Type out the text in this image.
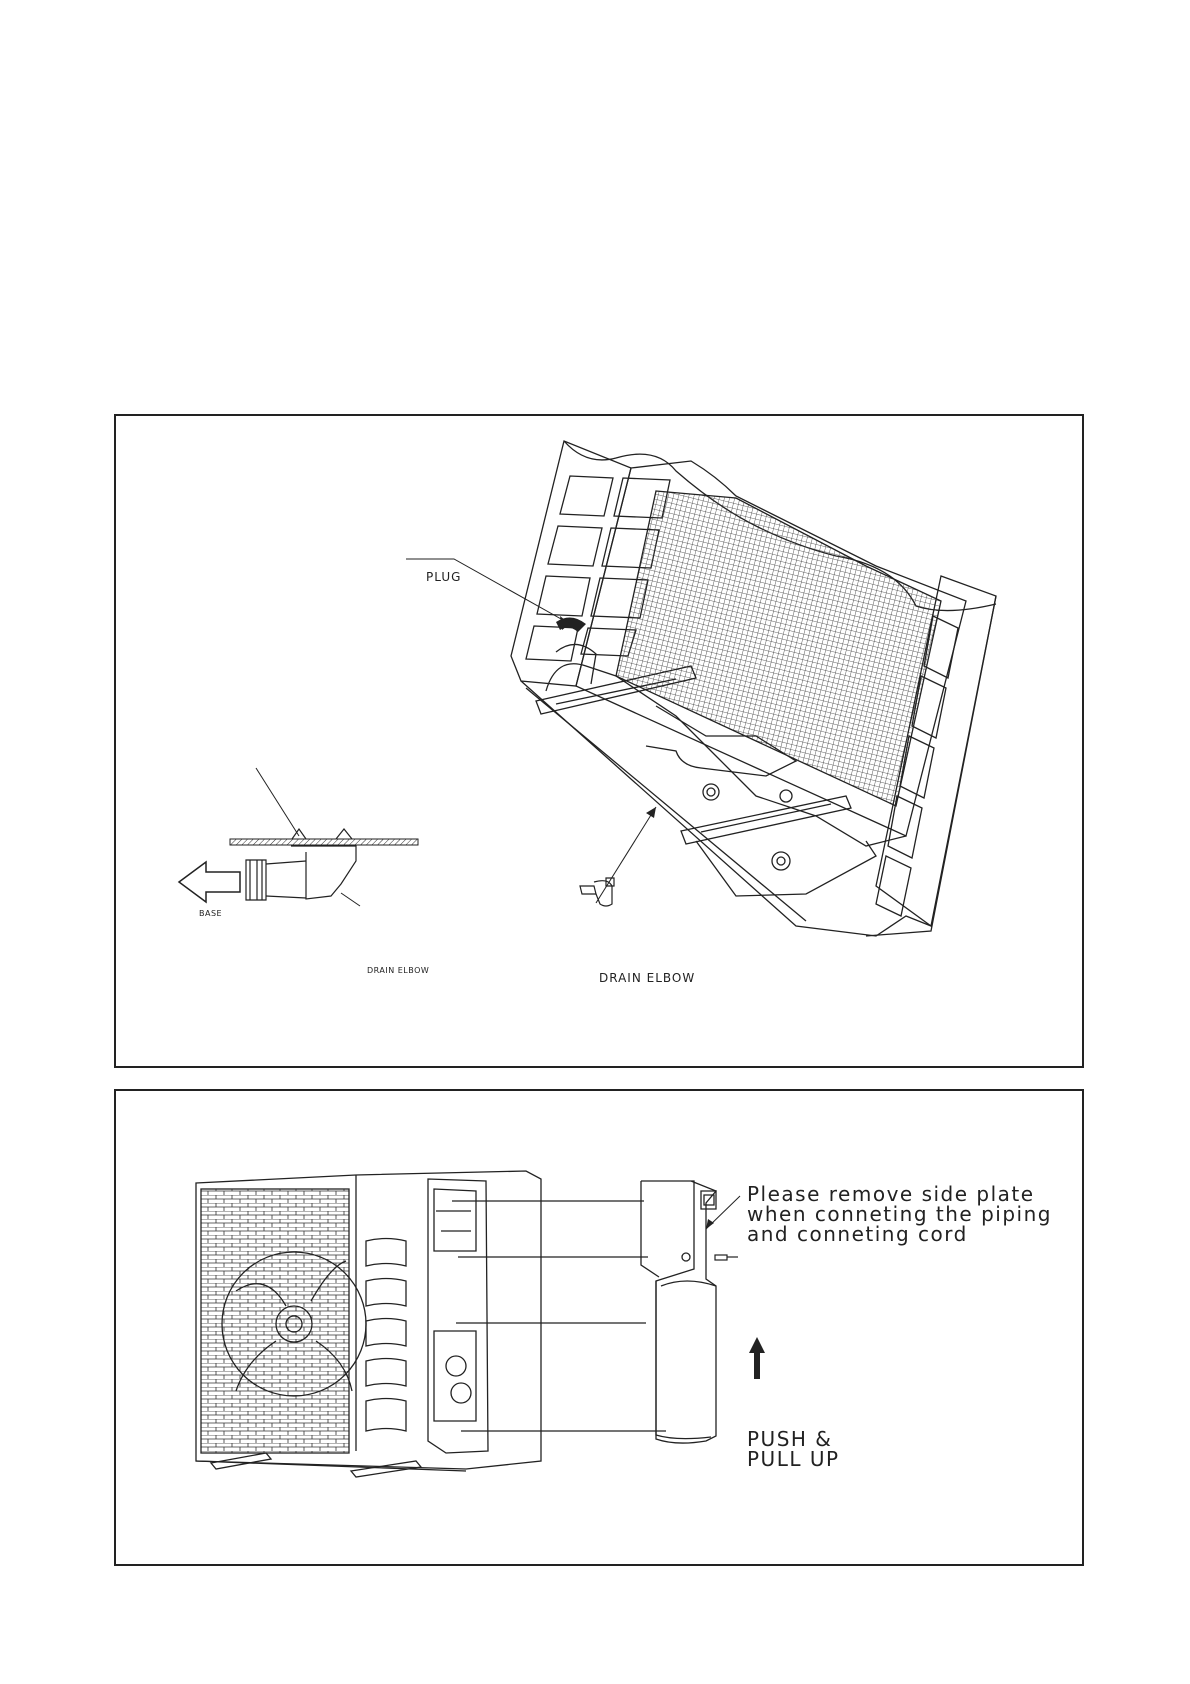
PLUG
BASE
DRAIN ELBOW
DRAIN ELBOW
Please remove side plate
when conneting the piping
and conneting cord
PUSH &
PULL UP
